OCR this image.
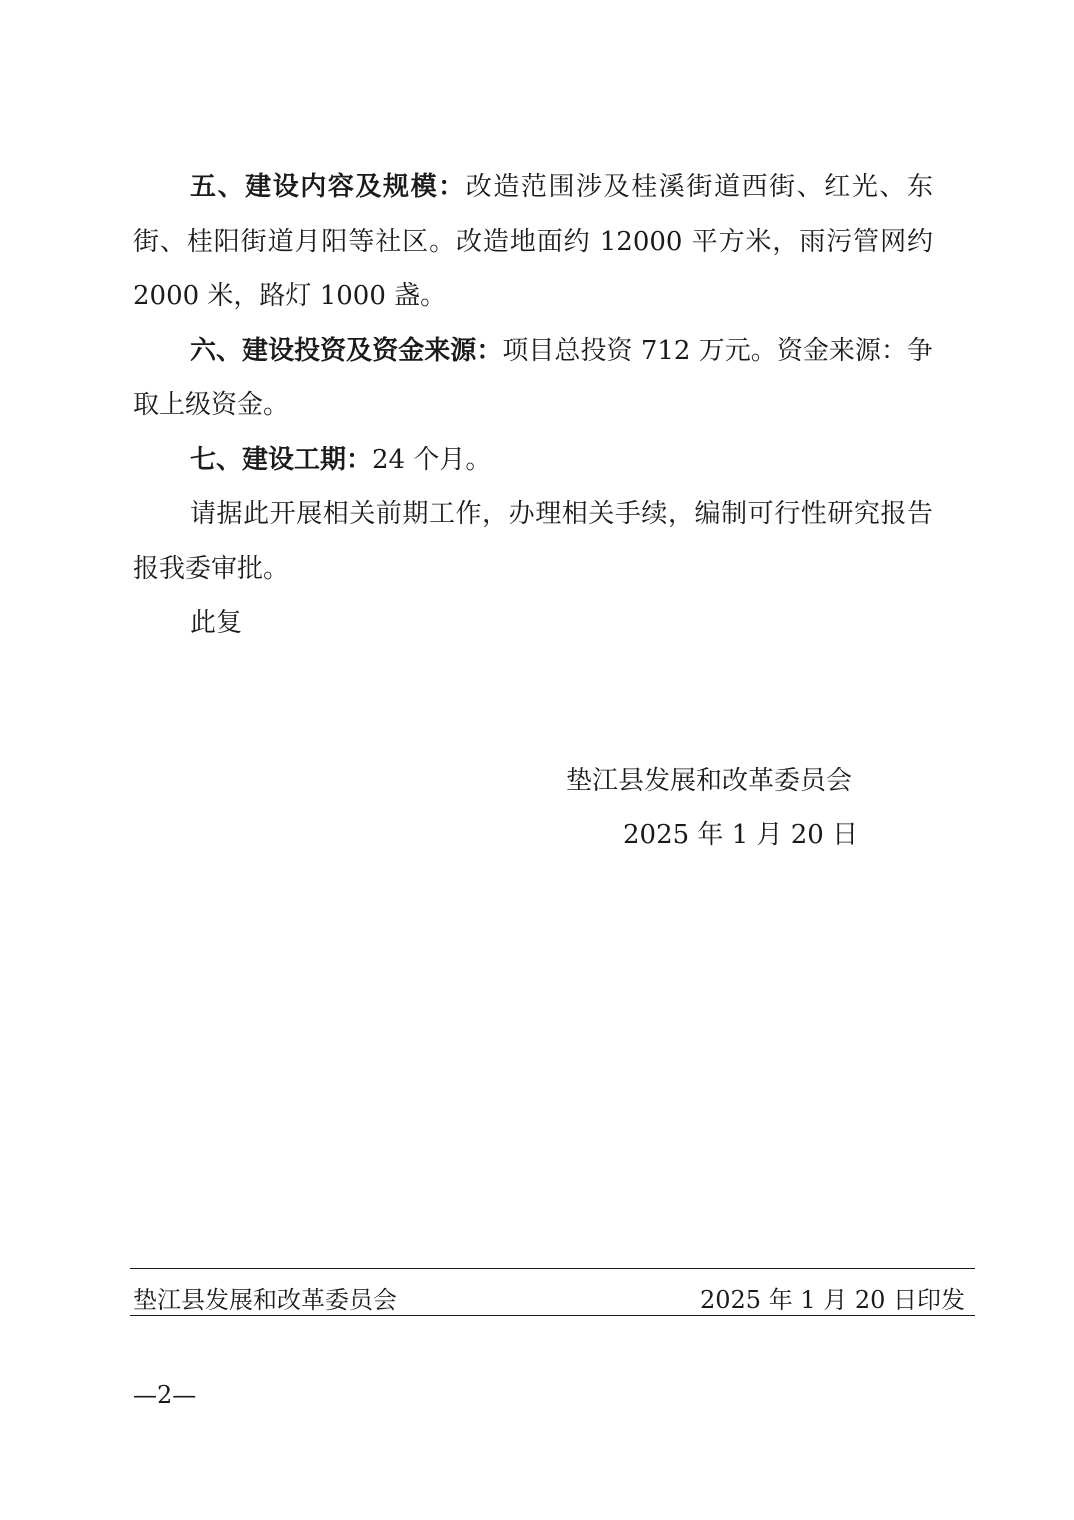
五、建设内容及规模：改造范围涉及桂溪街道西街、红光、东街、桂阳街道月阳等社区。改造地面约 12000 平方米，雨污管网约 2000 米，路灯 1000 盏。

六、建设投资及资金来源：项目总投资 712 万元。资金来源：争取上级资金。

七、建设工期：24 个月。

请据此开展相关前期工作，办理相关手续，编制可行性研究报告报我委审批。

此复

垫江县发展和改革委员会
2025 年 1 月 20 日
垫江县发展和改革委员会	2025 年 1 月 20 日印发
—2—
